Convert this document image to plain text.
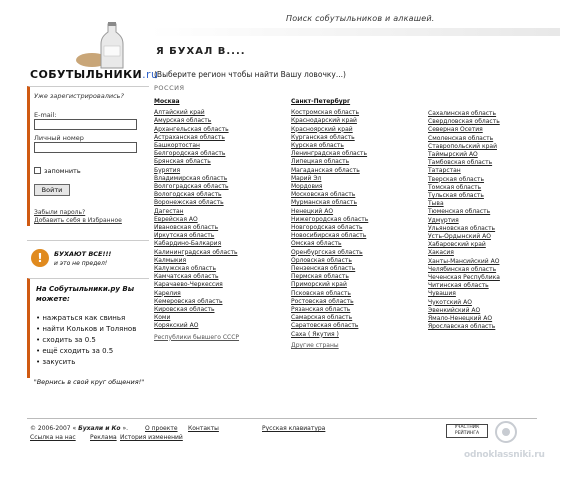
Поиск собутыльников и алкашей.
СОБУТЫЛЬНИКИ.ru
Я БУХАЛ В....
(Выберите регион чтобы найти Вашу ловочку...)
РОССИЯ
Уже зарегистрировались?
E-mail:
Личный номер
запомнить
Войти
Забыли пароль?
Добавить себя в Избранное
!	БУХАЮТ ВСЕ!!!
и это не предел!
На Собутыльники.ру Вы можете:
• нажраться как свинья
• найти Кольков и Толянов
• сходить за 0.5
• ещё сходить за 0.5
• закусить
"Вернись в свой круг общения!"
Москва
Алтайский край
Амурская область
Архангельская область
Астраханская область
Башкортостан
Белгородская область
Брянская область
Бурятия
Владимирская область
Волгоградская область
Вологодская область
Воронежская область
Дагестан
Еврейская АО
Ивановская область
Иркутская область
Кабардино-Балкария
Калининградская область
Калмыкия
Калужская область
Камчатская область
Карачаево-Черкессия
Карелия
Кемеровская область
Кировская область
Коми
Корякский АО
Республики бывшего СССР
Санкт-Петербург
Костромская область
Краснодарский край
Красноярский край
Курганская область
Курская область
Ленинградская область
Липецкая область
Магаданская область
Марий Эл
Мордовия
Московская область
Мурманская область
Ненецкий АО
Нижегородская область
Новгородская область
Новосибирская область
Омская область
Оренбургская область
Орловская область
Пензенская область
Пермская область
Приморский край
Псковская область
Ростовская область
Рязанская область
Самарская область
Саратовская область
Саха ( Якутия )
Другие страны
Сахалинская область
Свердловская область
Северная Осетия
Смоленская область
Ставропольский край
Таймырский АО
Тамбовская область
Татарстан
Тверская область
Томская область
Тульская область
Тыва
Тюменская область
Удмуртия
Ульяновская область
Усть-Ордынский АО
Хабаровский край
Хакасия
Ханты-Мансийский АО
Челябинская область
Чеченская Республика
Читинская область
Чувашия
Чукотский АО
Эвенкийский АО
Ямало-Ненецкий АО
Ярославская область
© 2006-2007 « Бухали и Ко ».	О проекте Контакты
Ссылка на нас Реклама История изменений
Русская клавиатура	УЧАСТНИК РЕЙТИНГА
odnoklassniki.ru
